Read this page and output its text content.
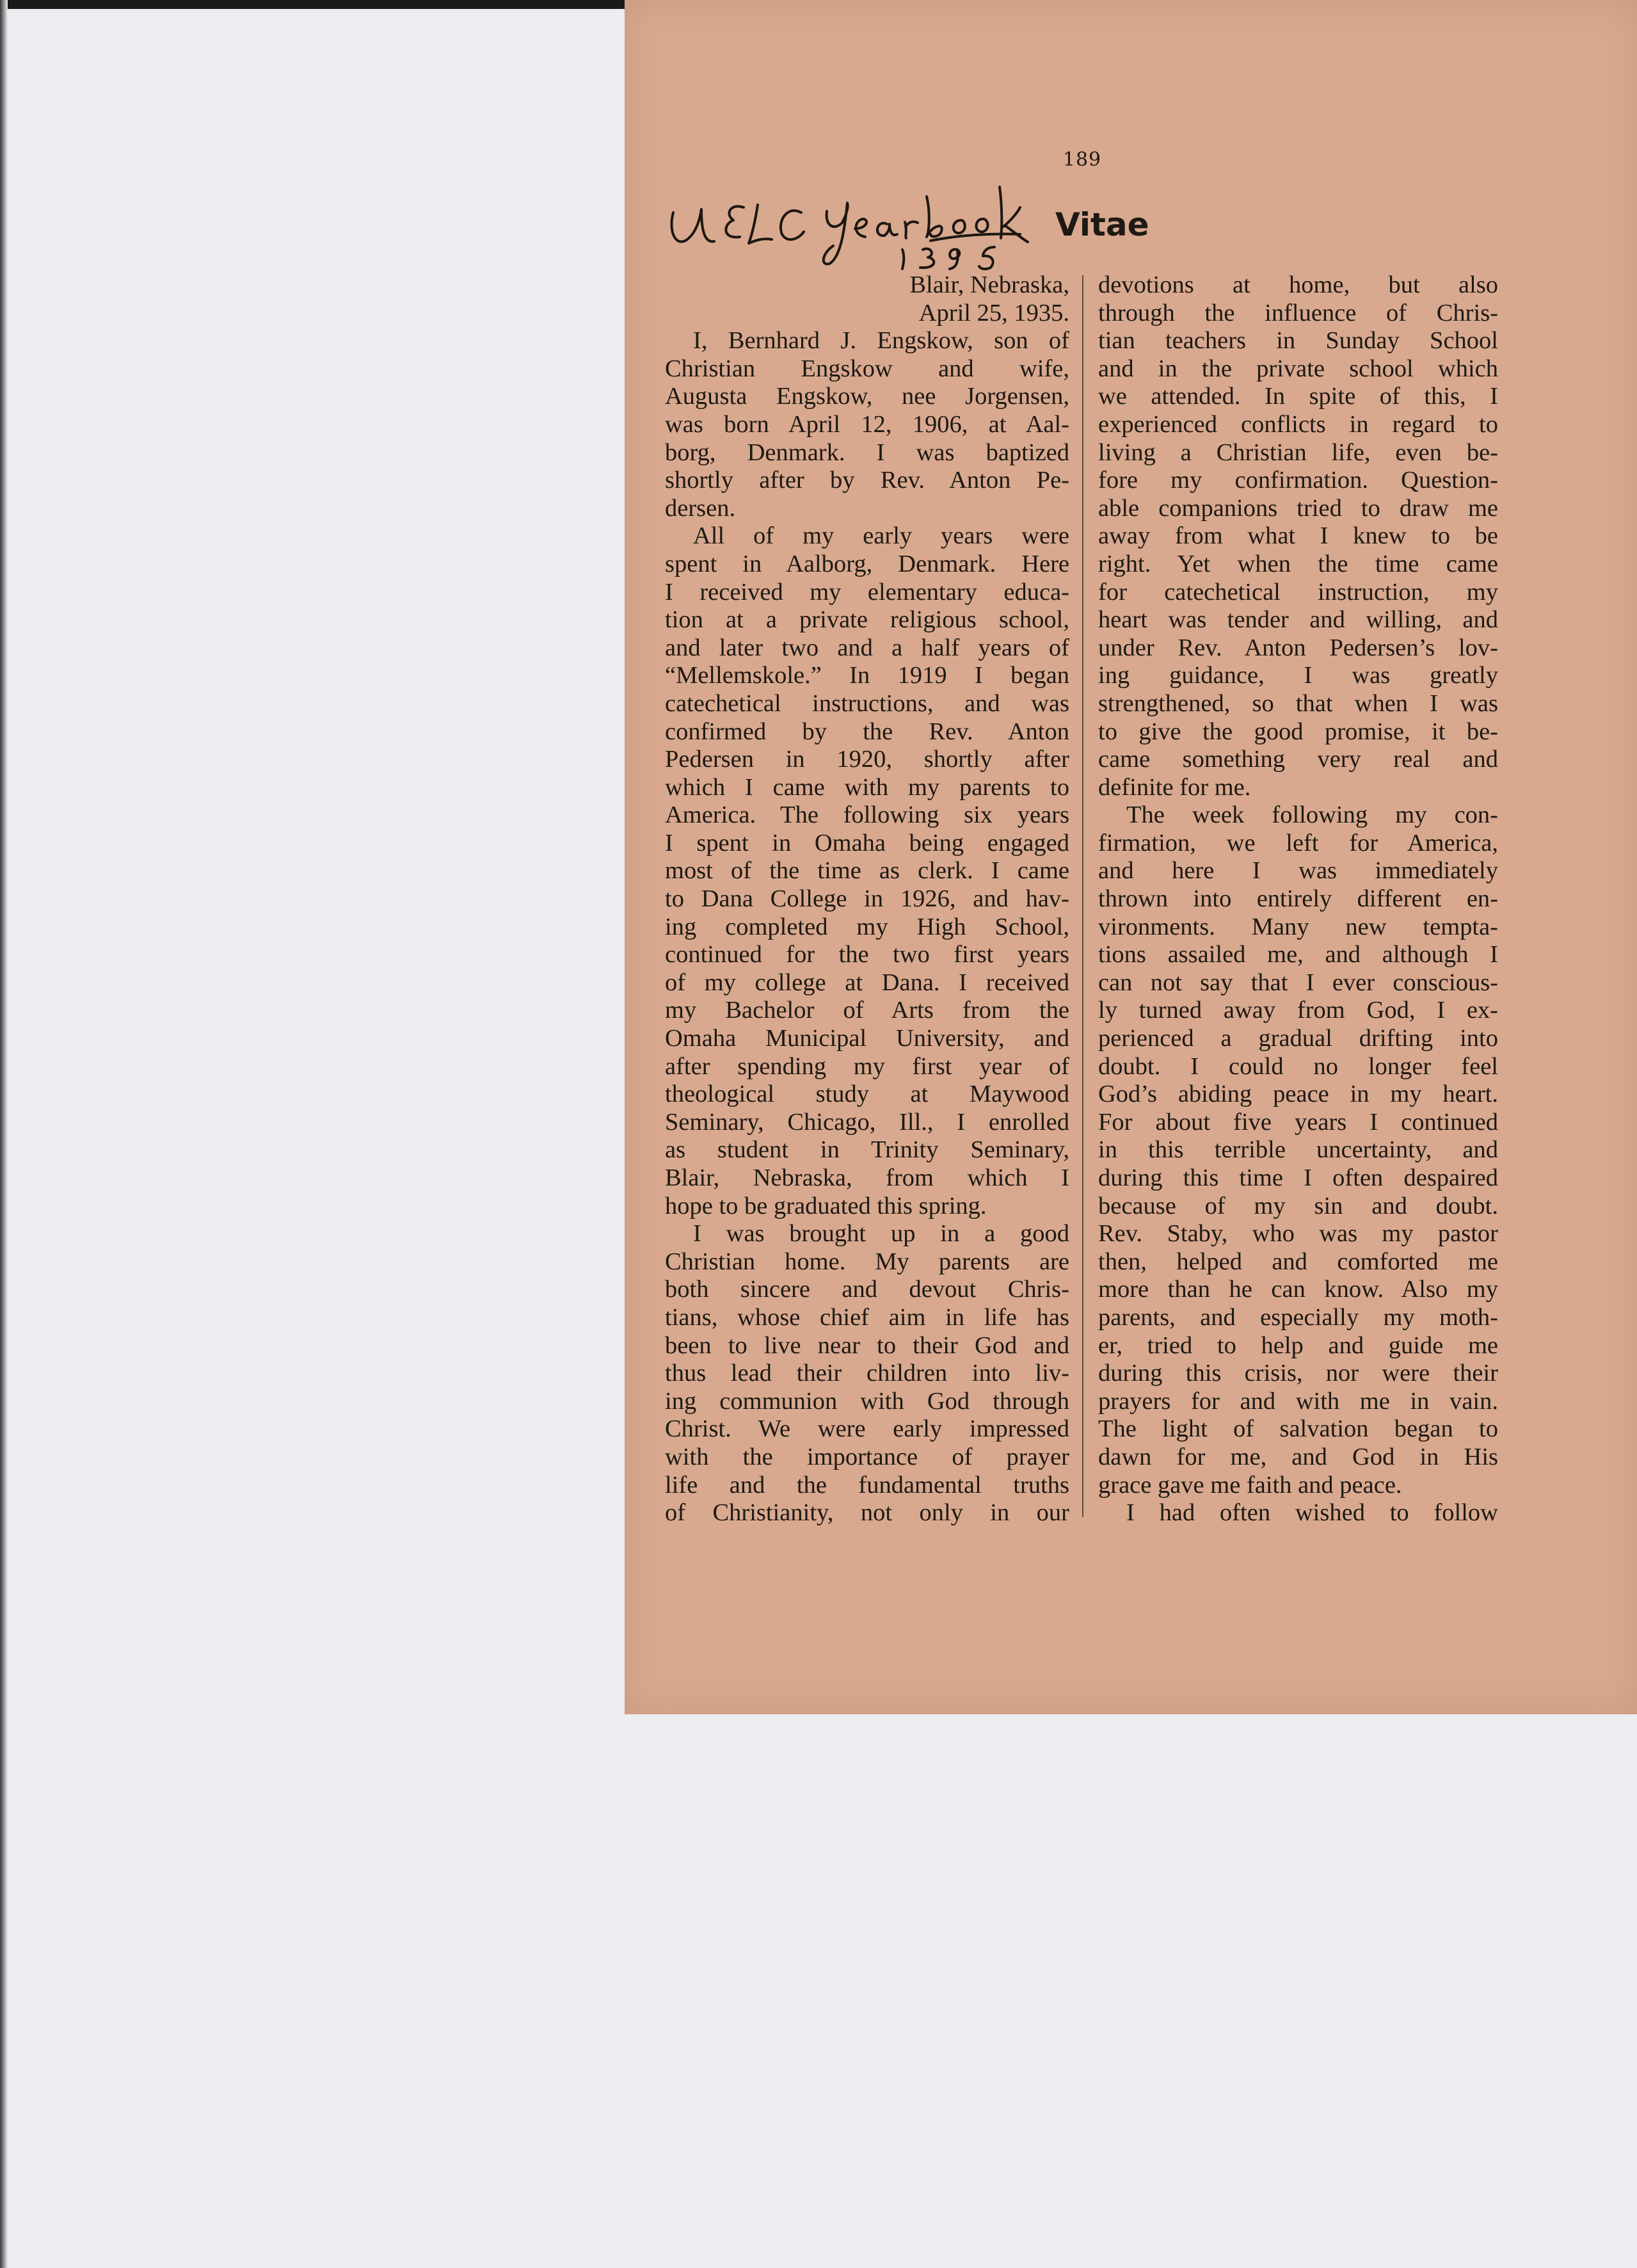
189
Vitae
Blair, Nebraska,
April 25, 1935.
I, Bernhard J. Engskow, son of
Christian Engskow and wife,
Augusta Engskow, nee Jorgensen,
was born April 12, 1906, at Aal-
borg, Denmark. I was baptized
shortly after by Rev. Anton Pe-
dersen.
All of my early years were
spent in Aalborg, Denmark. Here
I received my elementary educa-
tion at a private religious school,
and later two and a half years of
“Mellemskole.” In 1919 I began
catechetical instructions, and was
confirmed by the Rev. Anton
Pedersen in 1920, shortly after
which I came with my parents to
America. The following six years
I spent in Omaha being engaged
most of the time as clerk. I came
to Dana College in 1926, and hav-
ing completed my High School,
continued for the two first years
of my college at Dana. I received
my Bachelor of Arts from the
Omaha Municipal University, and
after spending my first year of
theological study at Maywood
Seminary, Chicago, Ill., I enrolled
as student in Trinity Seminary,
Blair, Nebraska, from which I
hope to be graduated this spring.
I was brought up in a good
Christian home. My parents are
both sincere and devout Chris-
tians, whose chief aim in life has
been to live near to their God and
thus lead their children into liv-
ing communion with God through
Christ. We were early impressed
with the importance of prayer
life and the fundamental truths
of Christianity, not only in our
devotions at home, but also
through the influence of Chris-
tian teachers in Sunday School
and in the private school which
we attended. In spite of this, I
experienced conflicts in regard to
living a Christian life, even be-
fore my confirmation. Question-
able companions tried to draw me
away from what I knew to be
right. Yet when the time came
for catechetical instruction, my
heart was tender and willing, and
under Rev. Anton Pedersen’s lov-
ing guidance, I was greatly
strengthened, so that when I was
to give the good promise, it be-
came something very real and
definite for me.
The week following my con-
firmation, we left for America,
and here I was immediately
thrown into entirely different en-
vironments. Many new tempta-
tions assailed me, and although I
can not say that I ever conscious-
ly turned away from God, I ex-
perienced a gradual drifting into
doubt. I could no longer feel
God’s abiding peace in my heart.
For about five years I continued
in this terrible uncertainty, and
during this time I often despaired
because of my sin and doubt.
Rev. Staby, who was my pastor
then, helped and comforted me
more than he can know. Also my
parents, and especially my moth-
er, tried to help and guide me
during this crisis, nor were their
prayers for and with me in vain.
The light of salvation began to
dawn for me, and God in His
grace gave me faith and peace.
I had often wished to follow
